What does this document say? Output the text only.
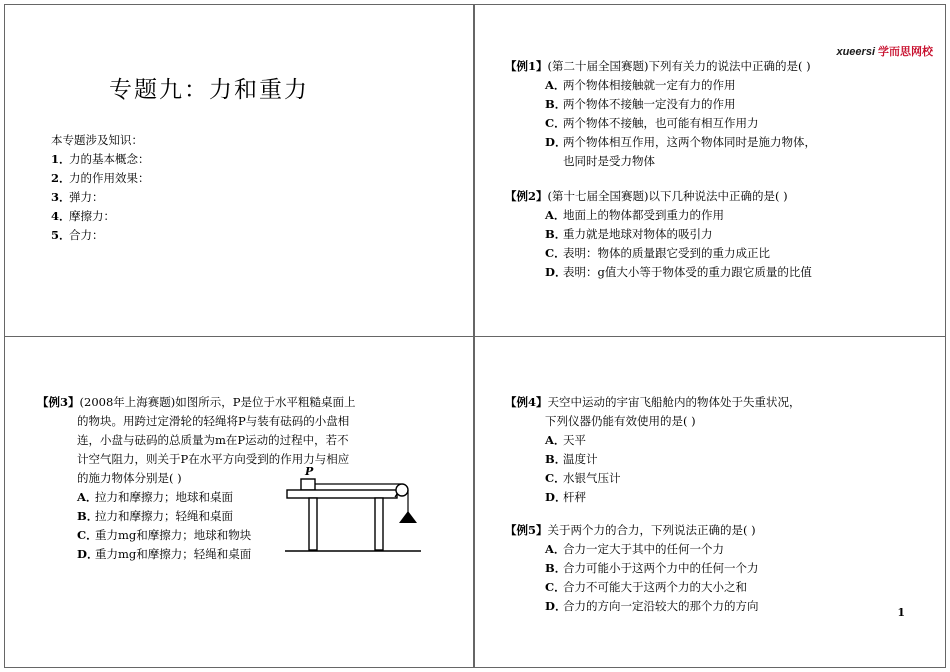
专题九：力和重力
本专题涉及知识：
1．力的基本概念：
2．力的作用效果：
3．弹力：
4．摩擦力：
5．合力：
xueersi 学而思网校
【例1】(第二十届全国赛题)下列有关力的说法中正确的是( )
A．两个物体相接触就一定有力的作用
B．两个物体不接触一定没有力的作用
C．两个物体不接触，也可能有相互作用力
D．两个物体相互作用，这两个物体同时是施力物体，
也同时是受力物体
【例2】(第十七届全国赛题)以下几种说法中正确的是( )
A．地面上的物体都受到重力的作用
B．重力就是地球对物体的吸引力
C．表明：物体的质量跟它受到的重力成正比
D．表明：g值大小等于物体受的重力跟它质量的比值
【例3】(2008年上海赛题)如图所示，P是位于水平粗糙桌面上
的物块。用跨过定滑轮的轻绳将P与装有砝码的小盘相
连，小盘与砝码的总质量为m在P运动的过程中，若不
计空气阻力，则关于P在水平方向受到的作用力与相应
的施力物体分别是( )
A．拉力和摩擦力；地球和桌面
B．拉力和摩擦力；轻绳和桌面
C．重力mg和摩擦力；地球和物块
D．重力mg和摩擦力；轻绳和桌面
P
【例4】天空中运动的宇宙飞船舱内的物体处于失重状况，
下列仪器仍能有效使用的是( )
A．天平
B．温度计
C．水银气压计
D．杆秤
【例5】关于两个力的合力，下列说法正确的是( )
A．合力一定大于其中的任何一个力
B．合力可能小于这两个力中的任何一个力
C．合力不可能大于这两个力的大小之和
D．合力的方向一定沿较大的那个力的方向	1
